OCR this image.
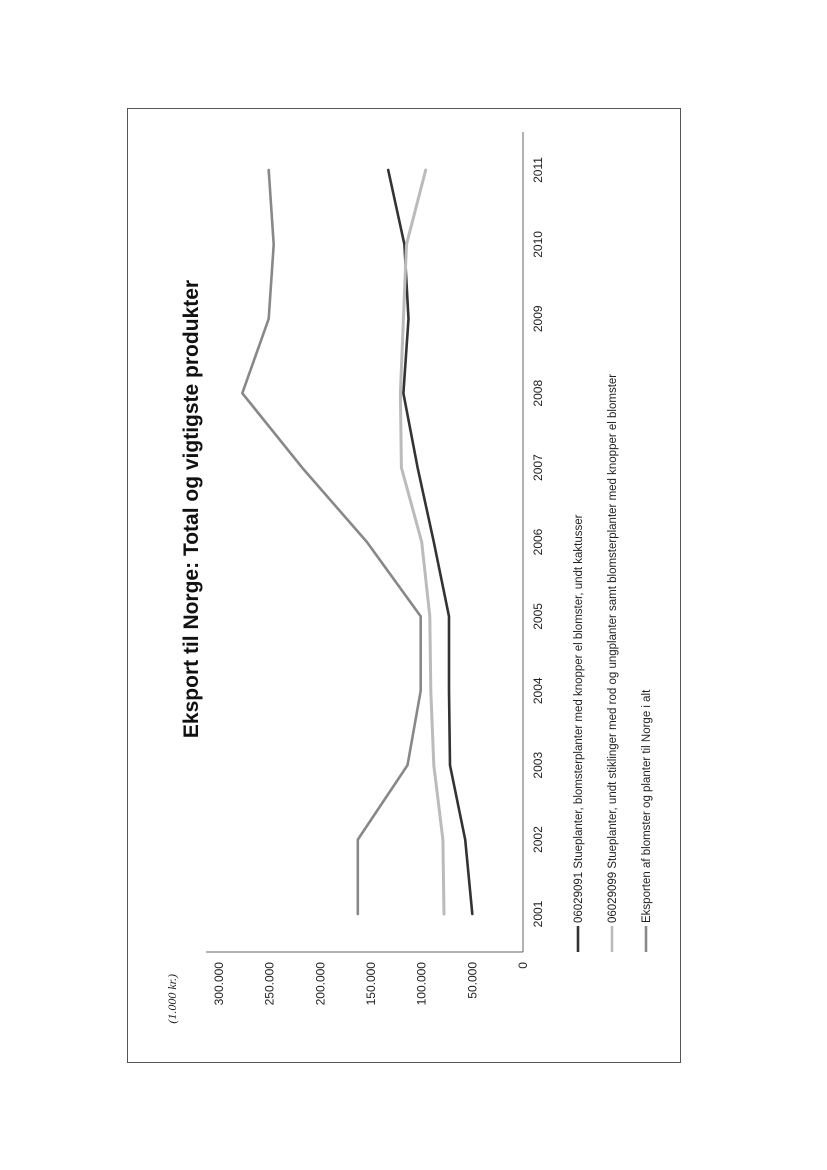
Eksport til Norge: Total og vigtigste produkter
(1.000 kr.)
0
50.000
100.000
150.000
200.000
250.000
300.000
2001
2002
2003
2004
2005
2006
2007
2008
2009
2010
2011
06029091 Stueplanter, blomsterplanter med knopper el blomster, undt kaktusser 06029099 Stueplanter, undt stiklinger med rod og ungplanter samt blomsterplanter med knopper el blomster Eksporten af blomster og planter til Norge i alt
